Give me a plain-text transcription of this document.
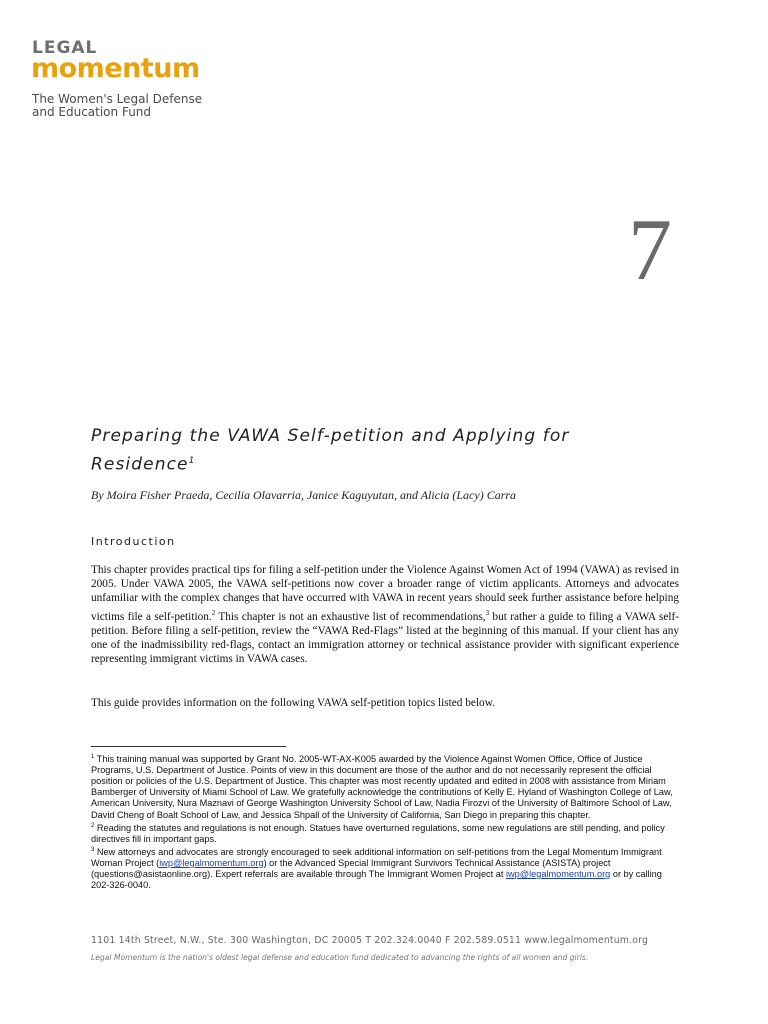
LEGAL
momentum
The Women's Legal Defense
and Education Fund
7
Preparing the VAWA Self-petition and Applying for Residence$^1$
By Moira Fisher Praeda, Cecilia Olavarria, Janice Kaguyutan, and Alicia (Lacy) Carra
Introduction
This chapter provides practical tips for filing a self-petition under the Violence Against Women Act of 1994 (VAWA) as revised in 2005. Under VAWA 2005, the VAWA self-petitions now cover a broader range of victim applicants. Attorneys and advocates unfamiliar with the complex changes that have occurred with VAWA in recent years should seek further assistance before helping victims file a self-petition.$^2$ This chapter is not an exhaustive list of recommendations,$^3$ but rather a guide to filing a VAWA self-petition. Before filing a self-petition, review the “VAWA Red-Flags” listed at the beginning of this manual. If your client has any one of the inadmissibility red-flags, contact an immigration attorney or technical assistance provider with significant experience representing immigrant victims in VAWA cases.
This guide provides information on the following VAWA self-petition topics listed below.

$^1$ This training manual was supported by Grant No. 2005-WT-AX-K005 awarded by the Violence Against Women Office, Office of Justice Programs, U.S. Department of Justice. Points of view in this document are those of the author and do not necessarily represent the official position or policies of the U.S. Department of Justice. This chapter was most recently updated and edited in 2008 with assistance from Miriam Bamberger of University of Miami School of Law. We gratefully acknowledge the contributions of Kelly E. Hyland of Washington College of Law, American University, Nura Maznavi of George Washington University School of Law, Nadia Firozvi of the University of Baltimore School of Law, David Cheng of Boalt School of Law, and Jessica Shpall of the University of California, San Diego in preparing this chapter.

$^2$ Reading the statutes and regulations is not enough. Statues have overturned regulations, some new regulations are still pending, and policy directives fill in important gaps.

$^3$ New attorneys and advocates are strongly encouraged to seek additional information on self-petitions from the Legal Momentum Immigrant Woman Project (iwp@legalmomentum.org) or the Advanced Special Immigrant Survivors Technical Assistance (ASISTA) project (questions@asistaonline.org). Expert referrals are available through The Immigrant Women Project at iwp@legalmomentum.org or by calling 202-326-0040.

1101 14th Street, N.W., Ste. 300 Washington, DC 20005 T 202.324.0040 F 202.589.0511 www.legalmomentum.org
Legal Momentum is the nation's oldest legal defense and education fund dedicated to advancing the rights of all women and girls.
